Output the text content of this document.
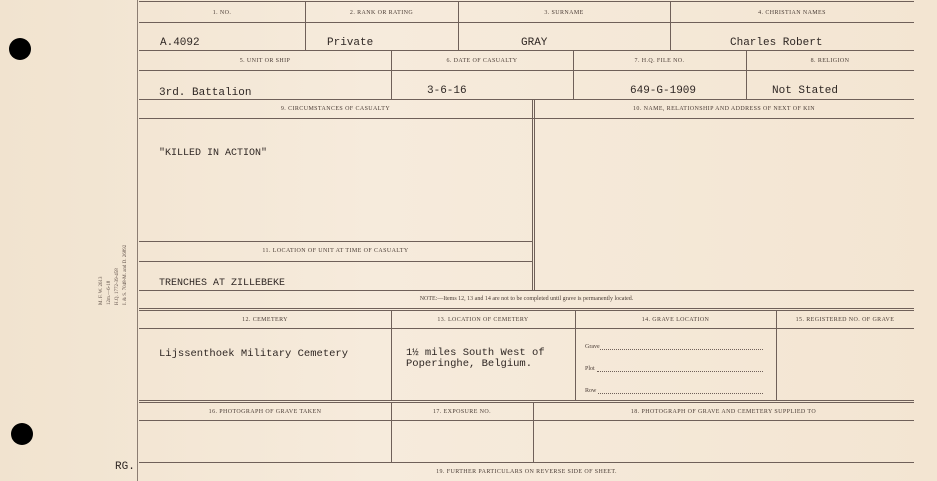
M. F. W. 2613 12m.—6-18 H.Q. 1772-39-458 I. & S. 7048-M. and D. 26892
1. NO.	2. RANK OR RATING	3. SURNAME	4. CHRISTIAN NAMES
A.4092	Private	GRAY	Charles Robert
5. UNIT OR SHIP	6. DATE OF CASUALTY	7. H.Q. FILE NO.	8. RELIGION
3rd. Battalion	3-6-16	649-G-1909	Not Stated
9. CIRCUMSTANCES OF CASUALTY	10. NAME, RELATIONSHIP AND ADDRESS OF NEXT OF KIN
"KILLED IN ACTION"
11. LOCATION OF UNIT AT TIME OF CASUALTY
TRENCHES AT ZILLEBEKE
NOTE:—Items 12, 13 and 14 are not to be completed until grave is permanently located.
12. CEMETERY	13. LOCATION OF CEMETERY	14. GRAVE LOCATION	15. REGISTERED NO. OF GRAVE
Lijssenthoek Military Cemetery	1½ miles South West of
Poperinghe, Belgium.
Grave
Plot
Row
16. PHOTOGRAPH OF GRAVE TAKEN	17. EXPOSURE NO.	18. PHOTOGRAPH OF GRAVE AND CEMETERY SUPPLIED TO
19. FURTHER PARTICULARS ON REVERSE SIDE OF SHEET.
RG.
